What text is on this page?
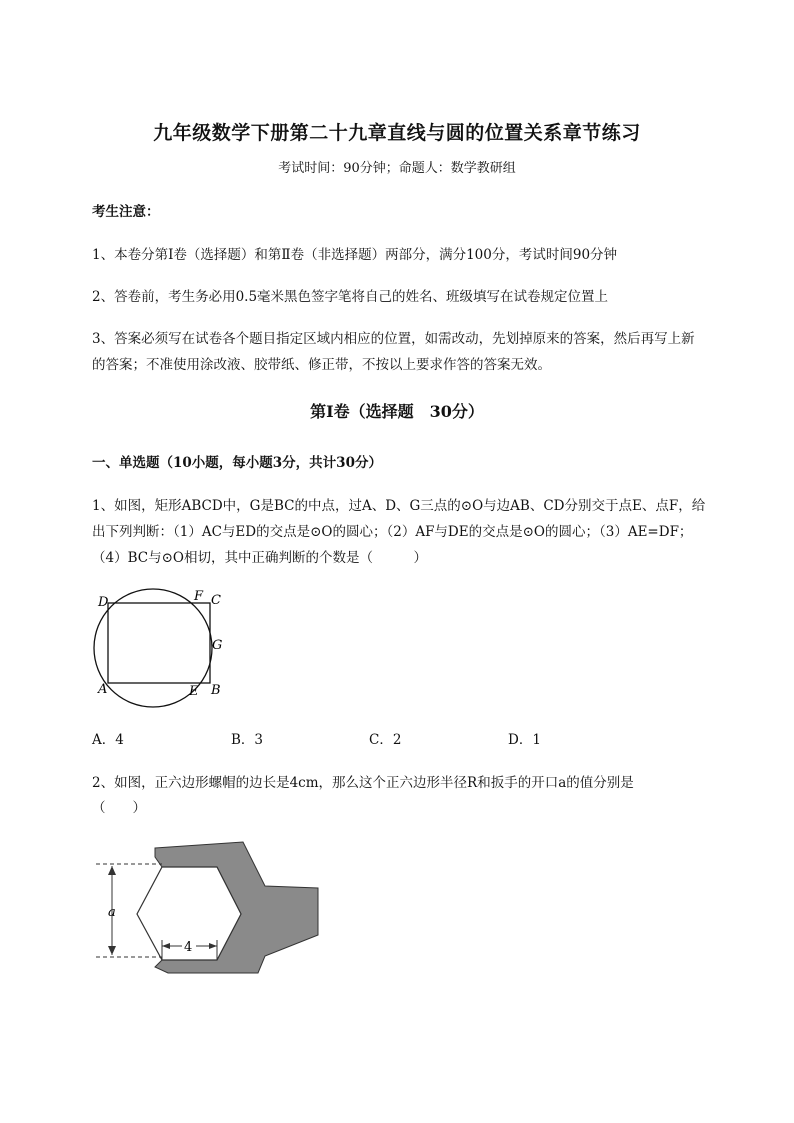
九年级数学下册第二十九章直线与圆的位置关系章节练习
考试时间：90分钟；命题人：数学教研组
考生注意：
1、本卷分第I卷（选择题）和第Ⅱ卷（非选择题）两部分，满分100分，考试时间90分钟
2、答卷前，考生务必用0.5毫米黑色签字笔将自己的姓名、班级填写在试卷规定位置上
3、答案必须写在试卷各个题目指定区域内相应的位置，如需改动，先划掉原来的答案，然后再写上新
的答案；不准使用涂改液、胶带纸、修正带，不按以上要求作答的答案无效。
第I卷（选择题　30分）
一、单选题（10小题，每小题3分，共计30分）
1、如图，矩形ABCD中，G是BC的中点，过A、D、G三点的⊙O与边AB、CD分别交于点E、点F，给
出下列判断：（1）AC与ED的交点是⊙O的圆心；（2）AF与DE的交点是⊙O的圆心；（3）AE=DF；
（4）BC与⊙O相切，其中正确判断的个数是（　　　）
D	F C
G
A	E B
A．4	B．3	C．2	D．1
2、如图，正六边形螺帽的边长是4cm，那么这个正六边形半径R和扳手的开口a的值分别是
（　　）
a
4
